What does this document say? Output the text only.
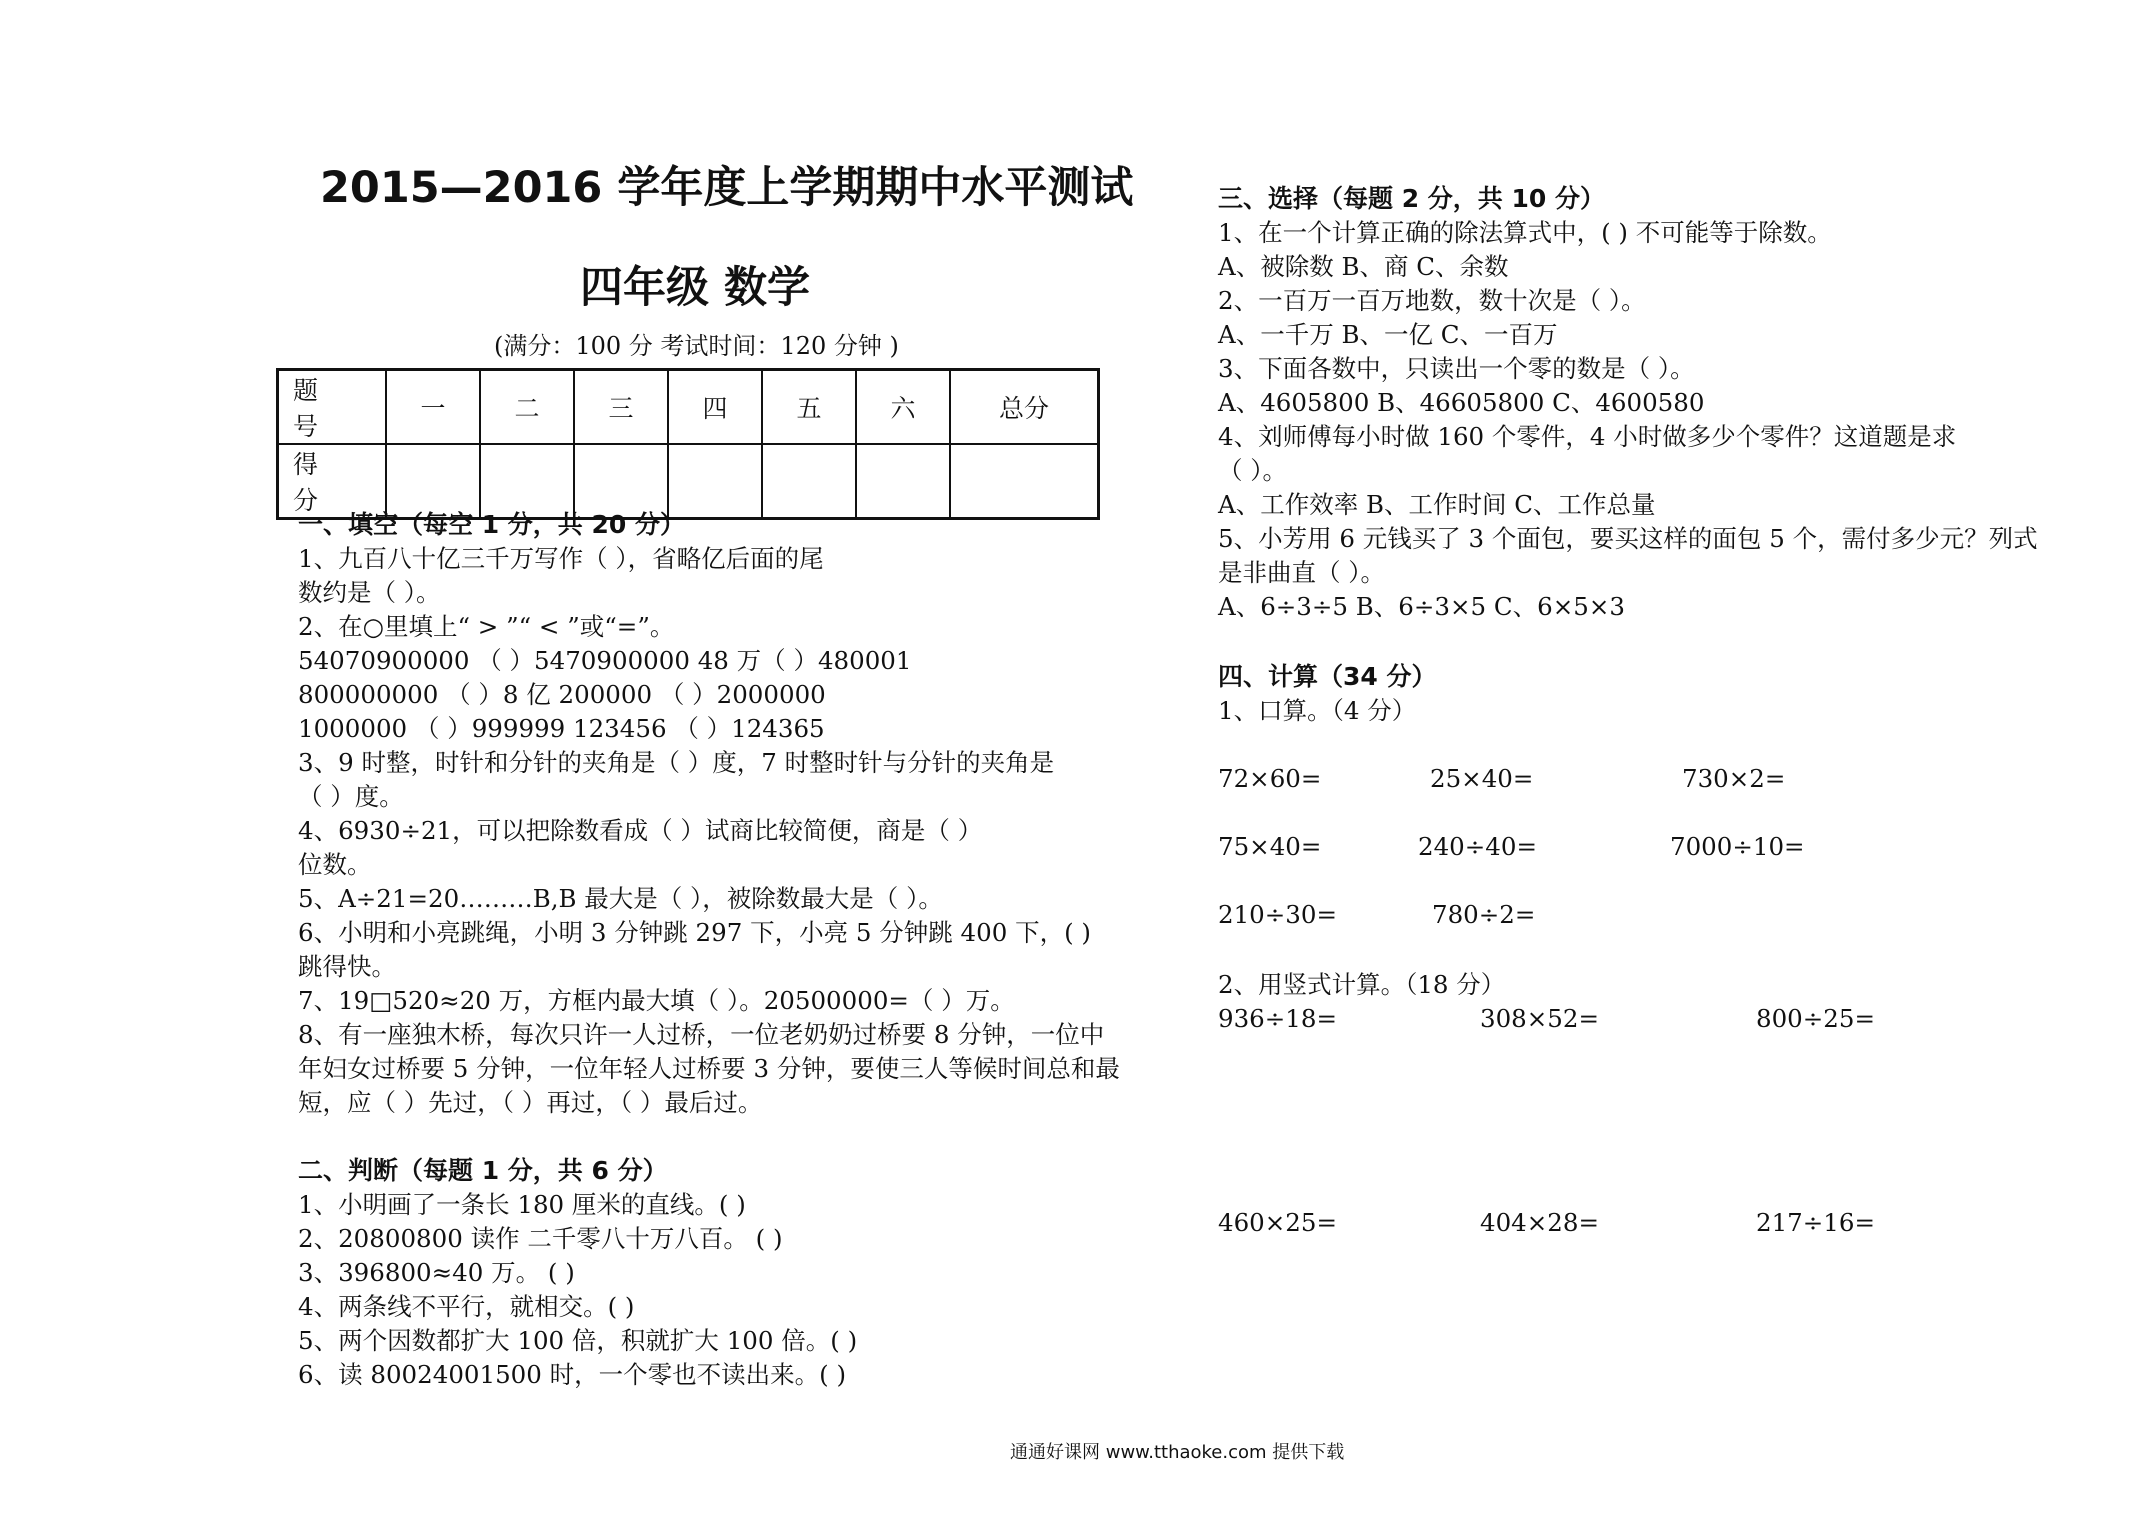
2015—2016 学年度上学期期中水平测试
四年级 数学
(满分：100 分 考试时间：120 分钟 )
题 号	一	二	三	四	五	六	总分
得 分							
一、填空（每空 1 分，共 20 分）
1、九百八十亿三千万写作（ ），省略亿后面的尾
数约是（ ）。
2、在○里填上“ > ”“ < ”或“=”。
54070900000 （ ）5470900000 48 万（ ）480001
800000000 （ ）8 亿 200000 （ ）2000000
1000000 （ ）999999 123456 （ ）124365
3、9 时整，时针和分针的夹角是（ ）度，7 时整时针与分针的夹角是
（ ）度。
4、6930÷21，可以把除数看成（ ）试商比较简便，商是（ ）
位数。
5、A÷21=20………B,B 最大是（ ），被除数最大是（ ）。
6、小明和小亮跳绳，小明 3 分钟跳 297 下，小亮 5 分钟跳 400 下，( )
跳得快。
7、19□520≈20 万，方框内最大填（ ）。20500000=（ ）万。
8、有一座独木桥，每次只许一人过桥，一位老奶奶过桥要 8 分钟，一位中
年妇女过桥要 5 分钟，一位年轻人过桥要 3 分钟，要使三人等候时间总和最
短，应（ ）先过，（ ）再过，（ ）最后过。
二、判断（每题 1 分，共 6 分）
1、小明画了一条长 180 厘米的直线。( )
2、20800800 读作 二千零八十万八百。 ( )
3、396800≈40 万。 ( )
4、两条线不平行，就相交。( )
5、两个因数都扩大 100 倍，积就扩大 100 倍。( )
6、读 80024001500 时，一个零也不读出来。( )
三、选择（每题 2 分，共 10 分）
1、在一个计算正确的除法算式中，( ) 不可能等于除数。
A、被除数 B、商 C、余数
2、一百万一百万地数，数十次是（ ）。
A、一千万 B、一亿 C、一百万
3、下面各数中，只读出一个零的数是（ ）。
A、4605800 B、46605800 C、4600580
4、刘师傅每小时做 160 个零件，4 小时做多少个零件？这道题是求
（ ）。
A、工作效率 B、工作时间 C、工作总量
5、小芳用 6 元钱买了 3 个面包，要买这样的面包 5 个，需付多少元？列式
是非曲直（ ）。
A、6÷3÷5 B、6÷3×5 C、6×5×3
四、计算（34 分）
1、口算。（4 分）
72×60=	25×40=	730×2=
75×40=	240÷40=	7000÷10=
210÷30=	780÷2=
2、用竖式计算。（18 分）
936÷18=	308×52=	800÷25=
460×25=	404×28=	217÷16=
通通好课网 www.tthaoke.com 提供下载
